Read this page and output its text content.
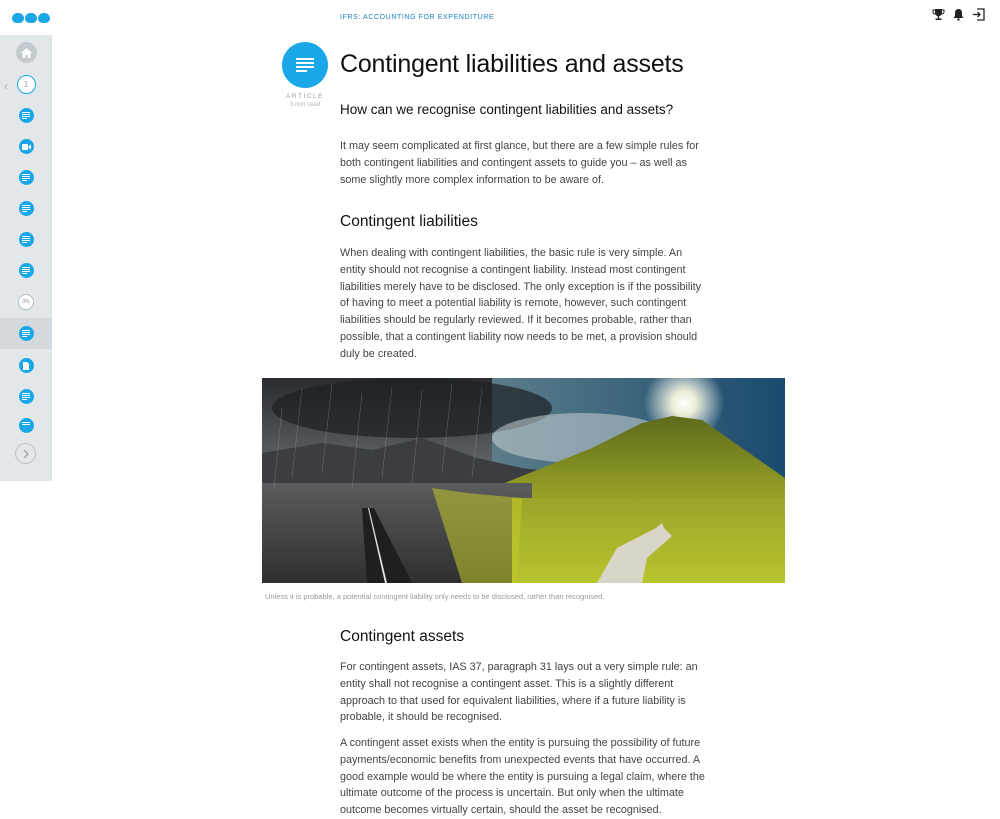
‹	1
0%
IFRS: ACCOUNTING FOR EXPENDITURE
ARTICLE
3 min read
Contingent liabilities and assets
How can we recognise contingent liabilities and assets?

It may seem complicated at first glance, but there are a few simple rules for both contingent liabilities and contingent assets to guide you – as well as some slightly more complex information to be aware of.

Contingent liabilities

When dealing with contingent liabilities, the basic rule is very simple. An entity should not recognise a contingent liability. Instead most contingent liabilities merely have to be disclosed. The only exception is if the possibility of having to meet a potential liability is remote, however, such contingent liabilities should be regularly reviewed. If it becomes probable, rather than possible, that a contingent liability now needs to be met, a provision should duly be created.

Unless it is probable, a potential contingent liability only needs to be disclosed, rather than recognised.
Contingent assets

For contingent assets, IAS 37, paragraph 31 lays out a very simple rule: an entity shall not recognise a contingent asset. This is a slightly different approach to that used for equivalent liabilities, where if a future liability is probable, it should be recognised.

A contingent asset exists when the entity is pursuing the possibility of future payments/economic benefits from unexpected events that have occurred. A good example would be where the entity is pursuing a legal claim, where the ultimate outcome of the process is uncertain. But only when the ultimate outcome becomes virtually certain, should the asset be recognised.
